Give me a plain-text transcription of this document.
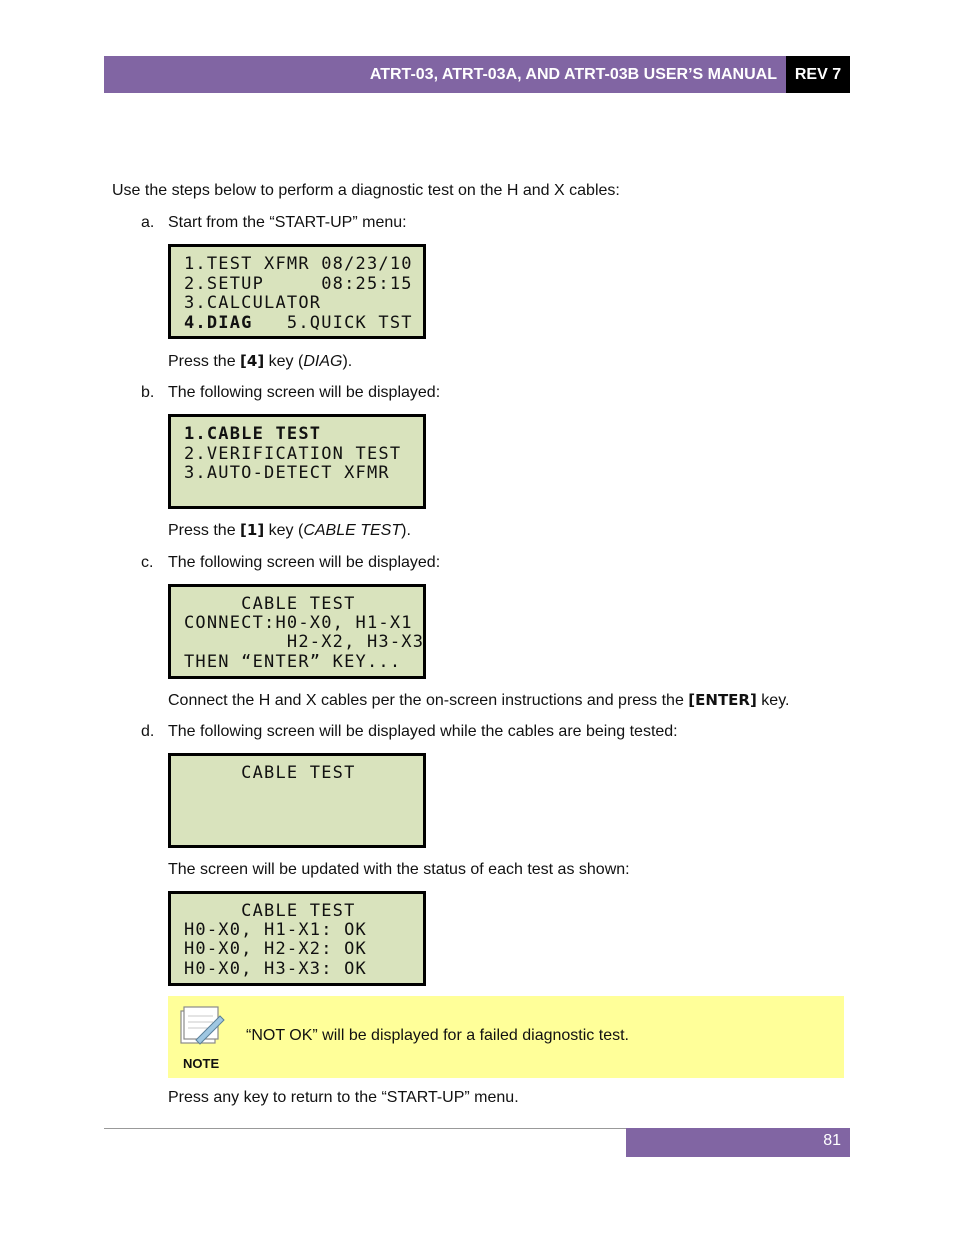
ATRT-03, ATRT-03A, AND ATRT-03B USER’S MANUAL	REV 7
Use the steps below to perform a diagnostic test on the H and X cables:
a. Start from the “START-UP” menu:
1.TEST XFMR 08/23/10
2.SETUP     08:25:15
3.CALCULATOR
4.DIAG 5.QUICK TST
Press the [4] key (DIAG).
b. The following screen will be displayed:
1.CABLE TEST
2.VERIFICATION TEST
3.AUTO-DETECT XFMR
Press the [1] key (CABLE TEST).
c. The following screen will be displayed:
CABLE TEST
CONNECT:H0-X0, H1-X1
H2-X2, H3-X3
THEN “ENTER” KEY...
Connect the H and X cables per the on-screen instructions and press the [ENTER] key.
d. The following screen will be displayed while the cables are being tested:
CABLE TEST
The screen will be updated with the status of each test as shown:
CABLE TEST
H0-X0, H1-X1: OK
H0-X0, H2-X2: OK
H0-X0, H3-X3: OK
NOTE
“NOT OK” will be displayed for a failed diagnostic test.
Press any key to return to the “START-UP” menu.
81
